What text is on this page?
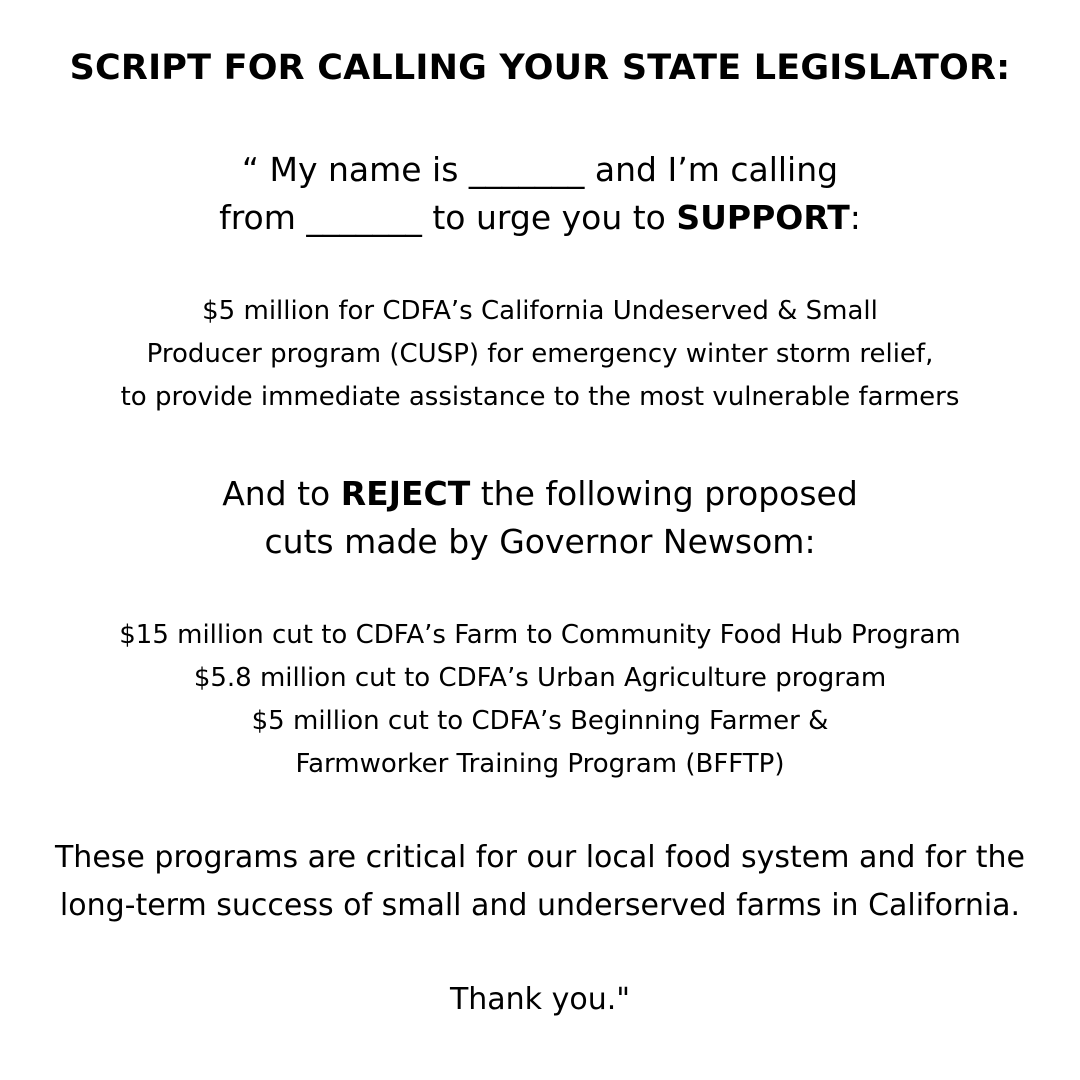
SCRIPT FOR CALLING YOUR STATE LEGISLATOR:
“ My name is _______ and I’m calling
from _______ to urge you to SUPPORT:
$5 million for CDFA’s California Undeserved & Small
Producer program (CUSP) for emergency winter storm relief,
to provide immediate assistance to the most vulnerable farmers
And to REJECT the following proposed
cuts made by Governor Newsom:
$15 million cut to CDFA’s Farm to Community Food Hub Program
$5.8 million cut to CDFA’s Urban Agriculture program
$5 million cut to CDFA’s Beginning Farmer &
Farmworker Training Program (BFFTP)
These programs are critical for our local food system and for the
long-term success of small and underserved farms in California.
Thank you."
